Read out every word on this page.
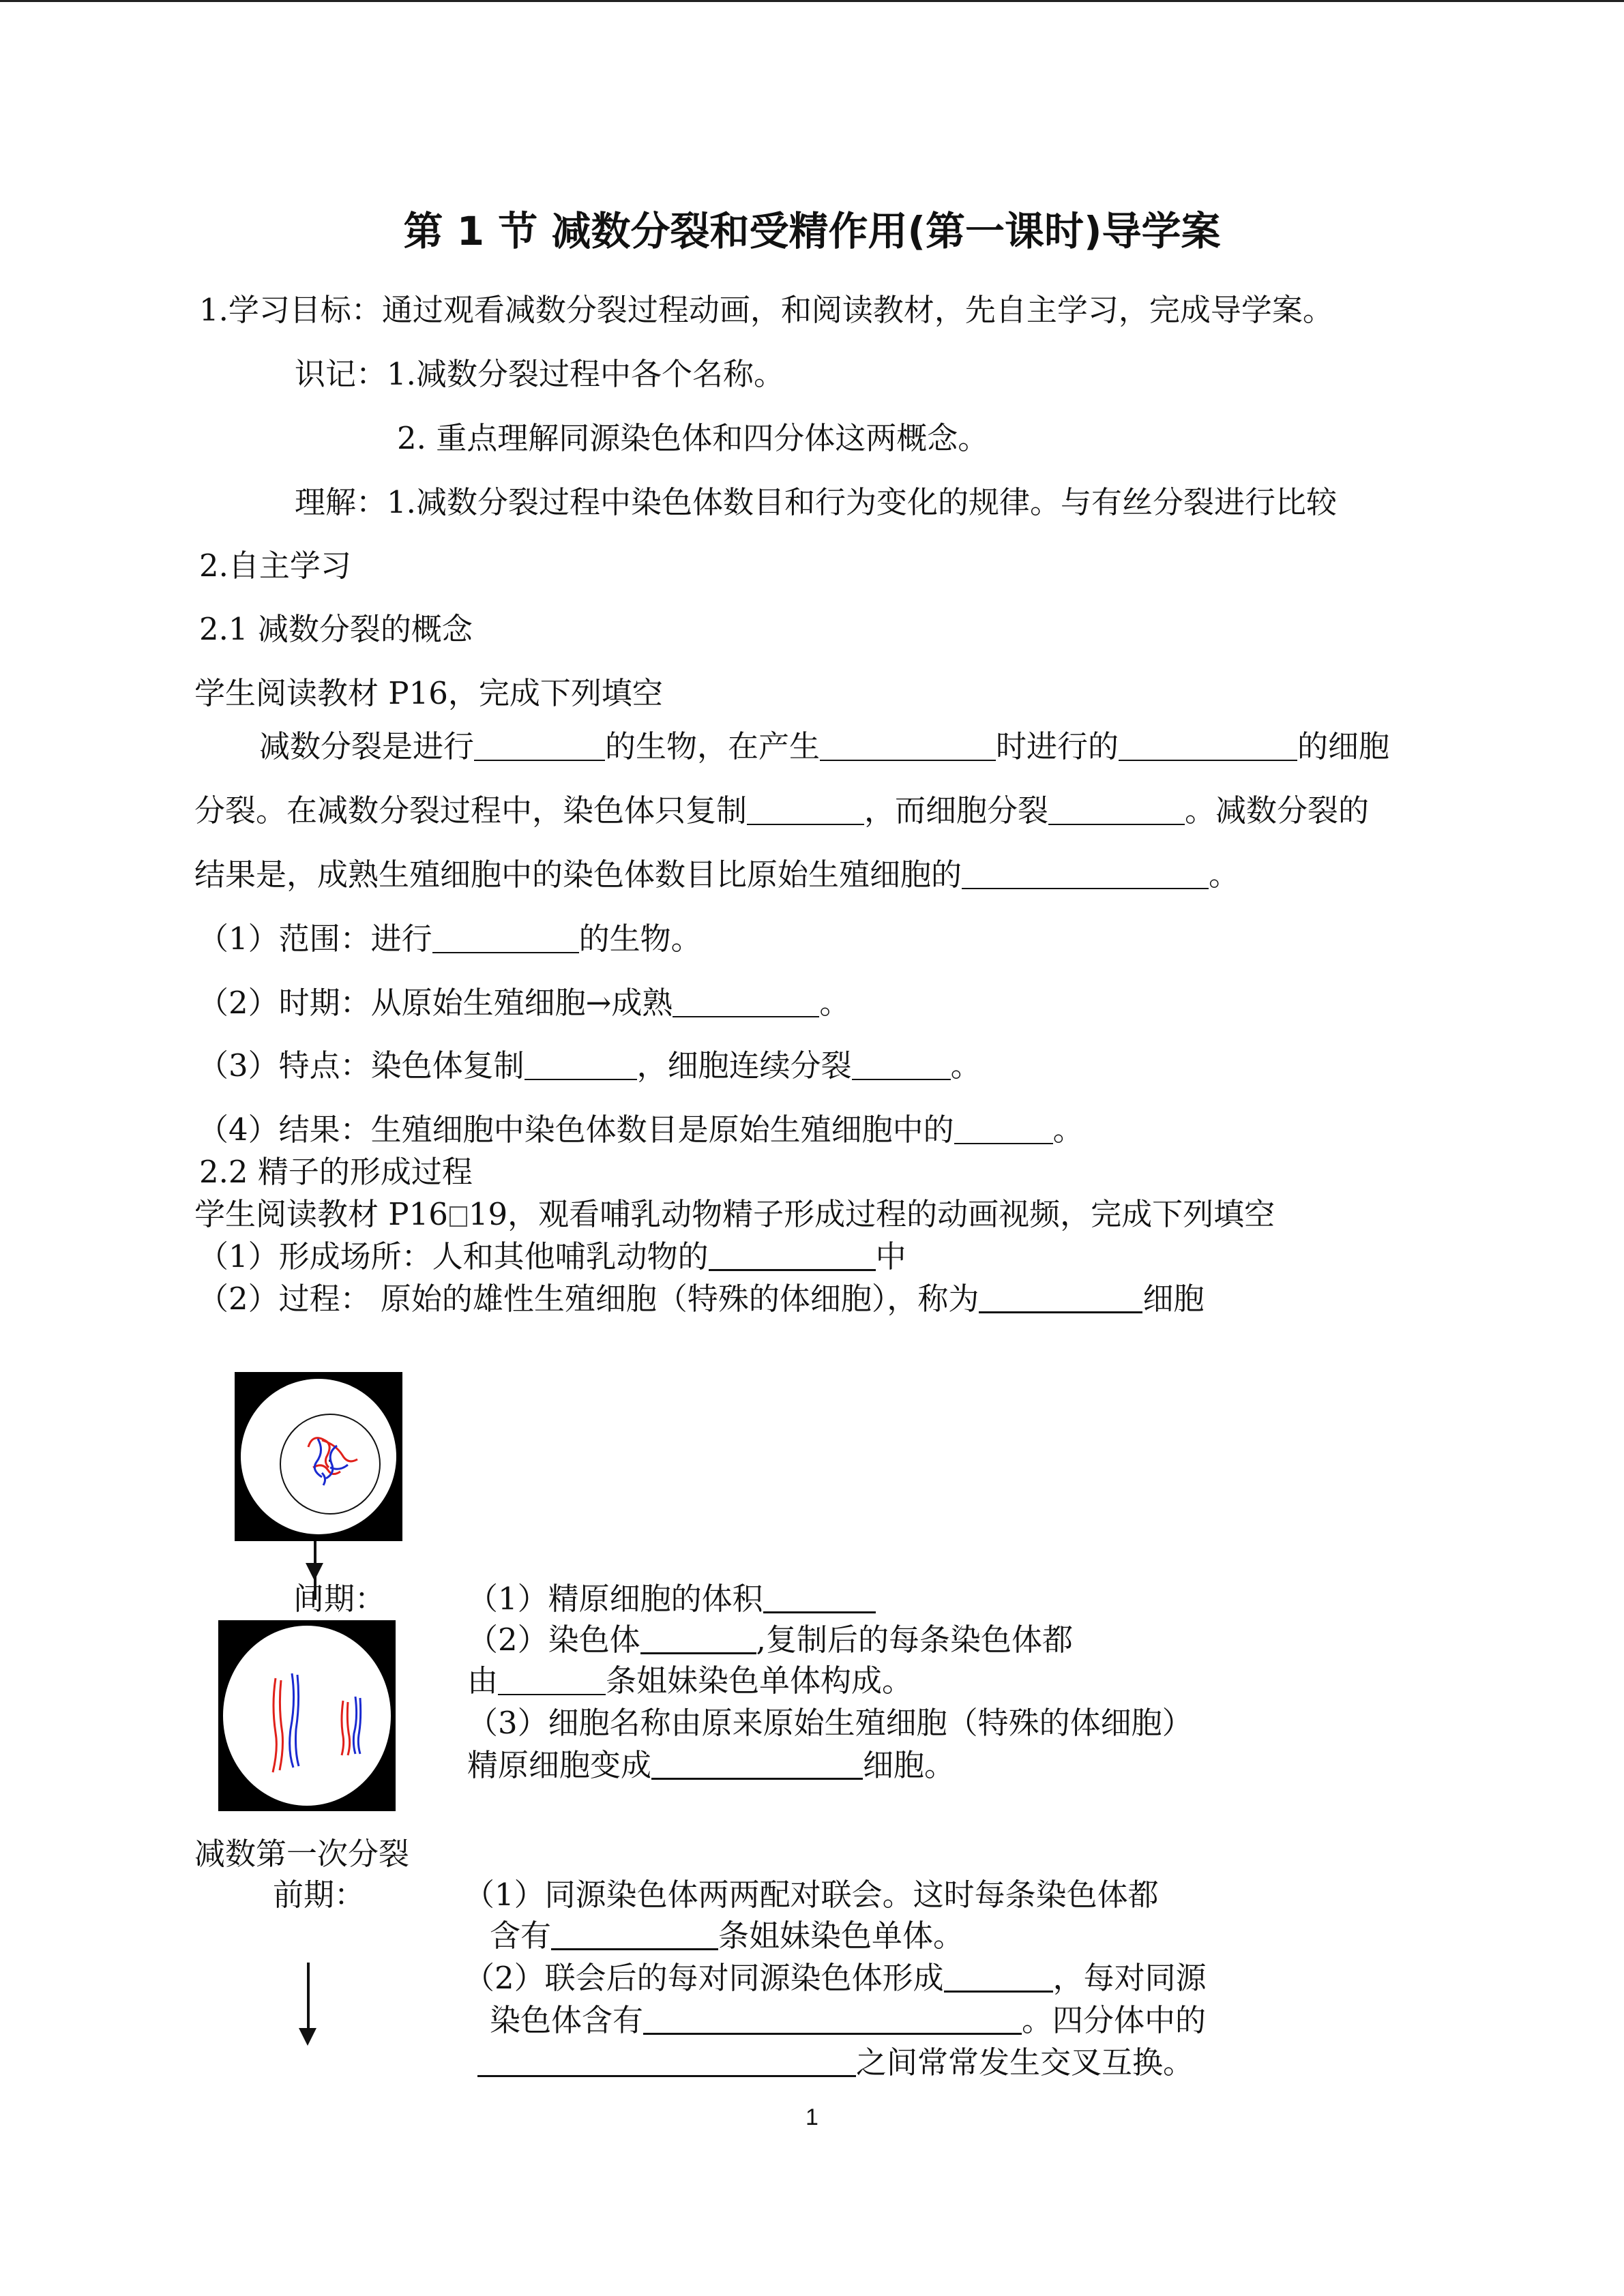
第 1 节 减数分裂和受精作用(第一课时)导学案
1.学习目标：通过观看减数分裂过程动画，和阅读教材，先自主学习，完成导学案。
识记：1.减数分裂过程中各个名称。
2. 重点理解同源染色体和四分体这两概念。
理解：1.减数分裂过程中染色体数目和行为变化的规律。与有丝分裂进行比较
2.自主学习
2.1 减数分裂的概念
学生阅读教材 P16，完成下列填空
减数分裂是进行	的生物，在产生	时进行的	的细胞
分裂。在减数分裂过程中，染色体只复制	，而细胞分裂	。减数分裂的
结果是，成熟生殖细胞中的染色体数目比原始生殖细胞的	。
（1）范围：进行	的生物。
（2）时期：从原始生殖细胞→成熟	。
（3）特点：染色体复制	，细胞连续分裂	。
（4）结果：生殖细胞中染色体数目是原始生殖细胞中的	。
2.2 精子的形成过程
学生阅读教材 P16 19，观看哺乳动物精子形成过程的动画视频，完成下列填空
（1）形成场所：人和其他哺乳动物的	中
（2）过程： 原始的雄性生殖细胞（特殊的体细胞），称为	细胞
间期：	（1）精原细胞的体积
（2）染色体	,复制后的每条染色体都
由	条姐妹染色单体构成。
（3）细胞名称由原来原始生殖细胞（特殊的体细胞）
精原细胞变成	细胞。
减数第一次分裂
前期：	（1）同源染色体两两配对联会。这时每条染色体都
含有	条姐妹染色单体。
（2）联会后的每对同源染色体形成	，每对同源
染色体含有	。四分体中的
之间常常发生交叉互换。
1
